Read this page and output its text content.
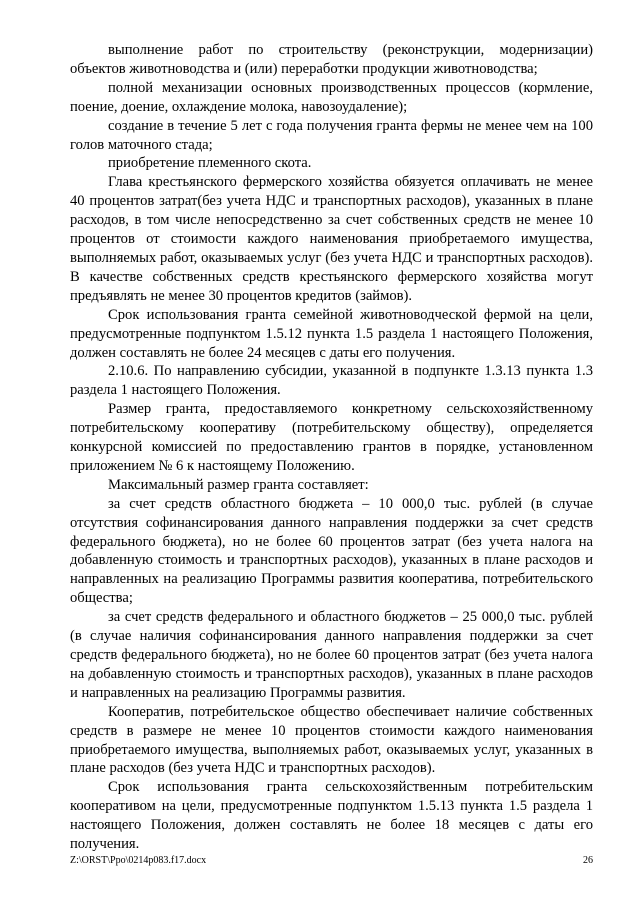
выполнение работ по строительству (реконструкции, модернизации) объектов животноводства и (или) переработки продукции животноводства;

полной механизации основных производственных процессов (кормление, поение, доение, охлаждение молока, навозоудаление);

создание в течение 5 лет с года получения гранта фермы не менее чем на 100 голов маточного стада;

приобретение племенного скота.

Глава крестьянского фермерского хозяйства обязуется оплачивать не менее 40 процентов затрат(без учета НДС и транспортных расходов), указанных в плане расходов, в том числе непосредственно за счет собственных средств не менее 10 процентов от стоимости каждого наименования приобретаемого имущества, выполняемых работ, оказываемых услуг (без учета НДС и транспортных расходов). В качестве собственных средств крестьянского фермерского хозяйства могут предъявлять не менее 30 процентов кредитов (займов).

Срок использования гранта семейной животноводческой фермой на цели, предусмотренные подпунктом 1.5.12 пункта 1.5 раздела 1 настоящего Положения, должен составлять не более 24 месяцев с даты его получения.

2.10.6. По направлению субсидии, указанной в подпункте 1.3.13 пункта 1.3 раздела 1 настоящего Положения.

Размер гранта, предоставляемого конкретному сельскохозяйственному потребительскому кооперативу (потребительскому обществу), определяется конкурсной комиссией по предоставлению грантов в порядке, установленном приложением № 6 к настоящему Положению.

Максимальный размер гранта составляет:

за счет средств областного бюджета – 10 000,0 тыс. рублей (в случае отсутствия софинансирования данного направления поддержки за счет средств федерального бюджета), но не более 60 процентов затрат (без учета налога на добавленную стоимость и транспортных расходов), указанных в плане расходов и направленных на реализацию Программы развития кооператива, потребительского общества;

за счет средств федерального и областного бюджетов – 25 000,0 тыс. рублей (в случае наличия софинансирования данного направления поддержки за счет средств федерального бюджета), но не более 60 процентов затрат (без учета налога на добавленную стоимость и транспортных расходов), указанных в плане расходов и направленных на реализацию Программы развития.

Кооператив, потребительское общество обеспечивает наличие собственных средств в размере не менее 10 процентов стоимости каждого наименования приобретаемого имущества, выполняемых работ, оказываемых услуг, указанных в плане расходов (без учета НДС и транспортных расходов).

Срок использования гранта сельскохозяйственным потребительским кооперативом на цели, предусмотренные подпунктом 1.5.13 пункта 1.5 раздела 1 настоящего Положения, должен составлять не более 18 месяцев с даты его получения.

Z:\ORST\Ppo\0214p083.f17.docx	26
